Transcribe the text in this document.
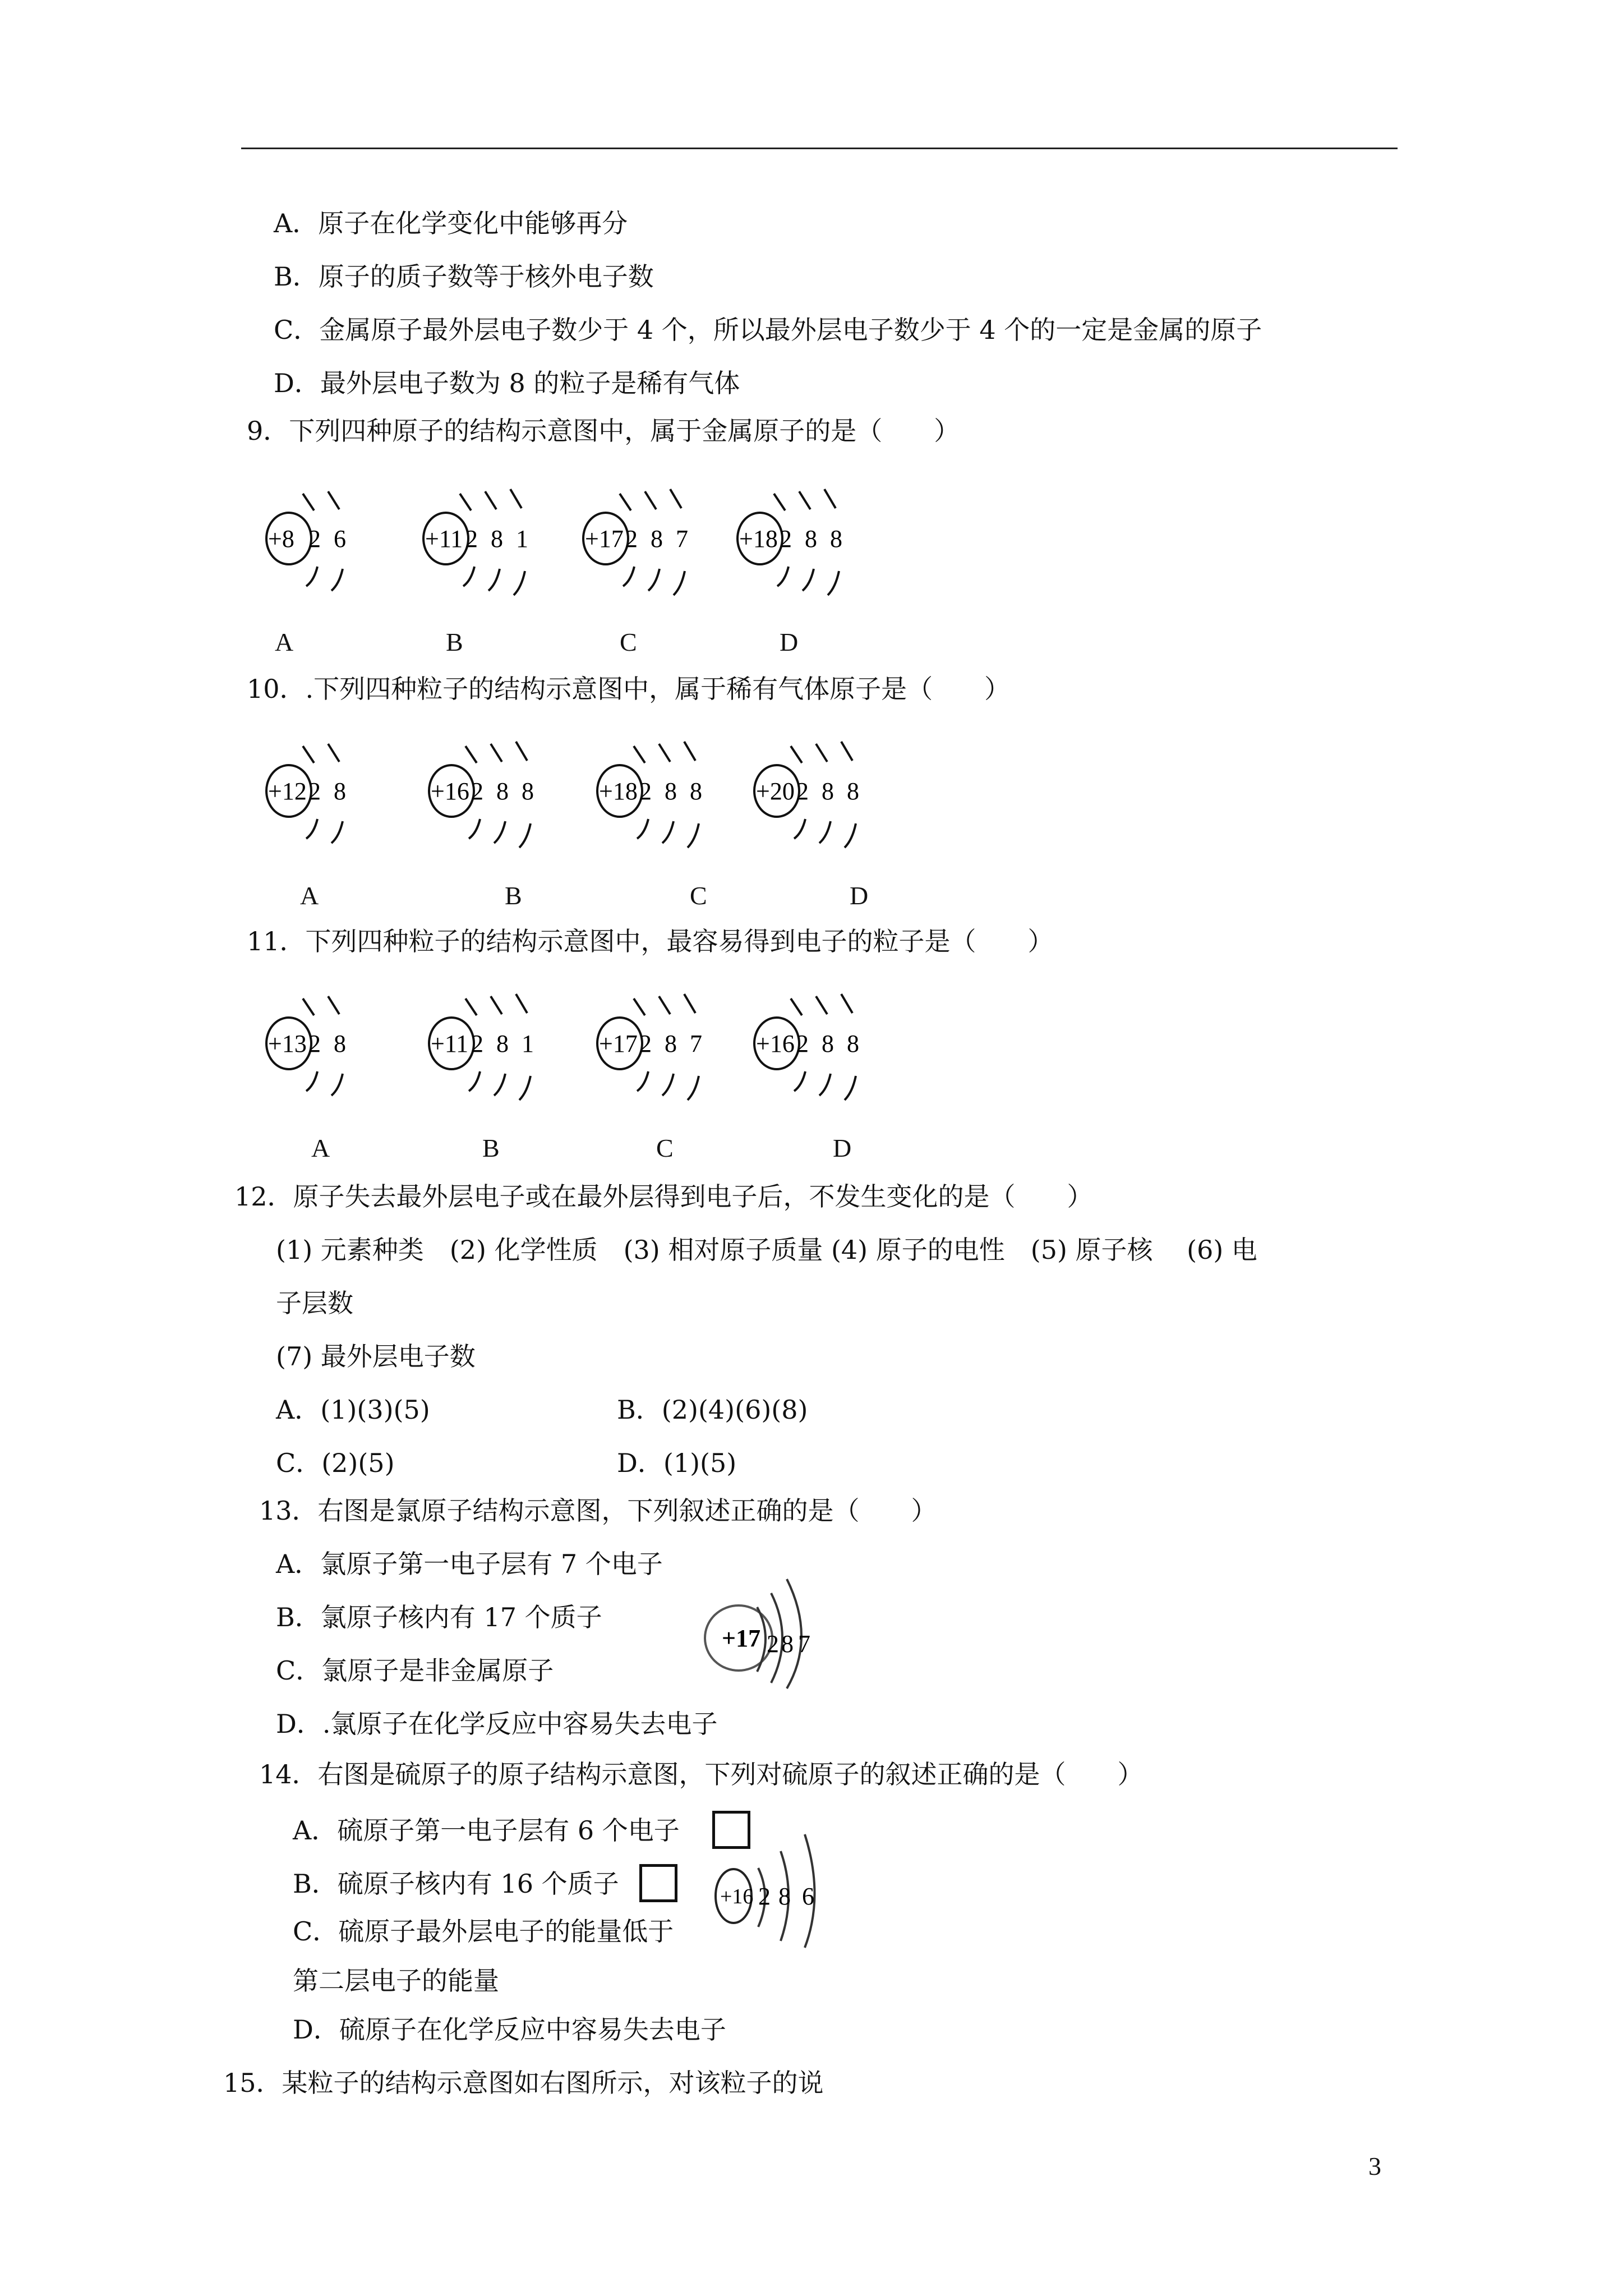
A．原子在化学变化中能够再分
B．原子的质子数等于核外电子数
C．金属原子最外层电子数少于 4 个，所以最外层电子数少于 4 个的一定是金属的原子
D．最外层电子数为 8 的粒子是稀有气体
9．下列四种原子的结构示意图中，属于金属原子的是（　　）
+8 2 6
A
+11 2 8 1
B
+17 2 8 7
C
+18 2 8 8
D
10．.下列四种粒子的结构示意图中，属于稀有气体原子是（　　）
+12 2 8
A
+16 2 8 8
B
+18 2 8 8
C
+20 2 8 8
D
11．下列四种粒子的结构示意图中，最容易得到电子的粒子是（　　）
+13 2 8
A
+11 2 8 1
B
+17 2 8 7
C
+16 2 8 8
D
12．原子失去最外层电子或在最外层得到电子后，不发生变化的是（　　）
(1) 元素种类　(2) 化学性质　(3) 相对原子质量 (4) 原子的电性　(5) 原子核　 (6) 电
子层数
(7) 最外层电子数
A．(1)(3)(5)	B．(2)(4)(6)(8)
C．(2)(5)	D．(1)(5)
13．右图是氯原子结构示意图，下列叙述正确的是（　　）
A．氯原子第一电子层有 7 个电子
B．氯原子核内有 17 个质子
C．氯原子是非金属原子
D．.氯原子在化学反应中容易失去电子
+17 2 8 7
14．右图是硫原子的原子结构示意图，下列对硫原子的叙述正确的是（　　）
A．硫原子第一电子层有 6 个电子
B．硫原子核内有 16 个质子
C．硫原子最外层电子的能量低于
第二层电子的能量
D．硫原子在化学反应中容易失去电子
+16 2 8 6
15．某粒子的结构示意图如右图所示，对该粒子的说
3
